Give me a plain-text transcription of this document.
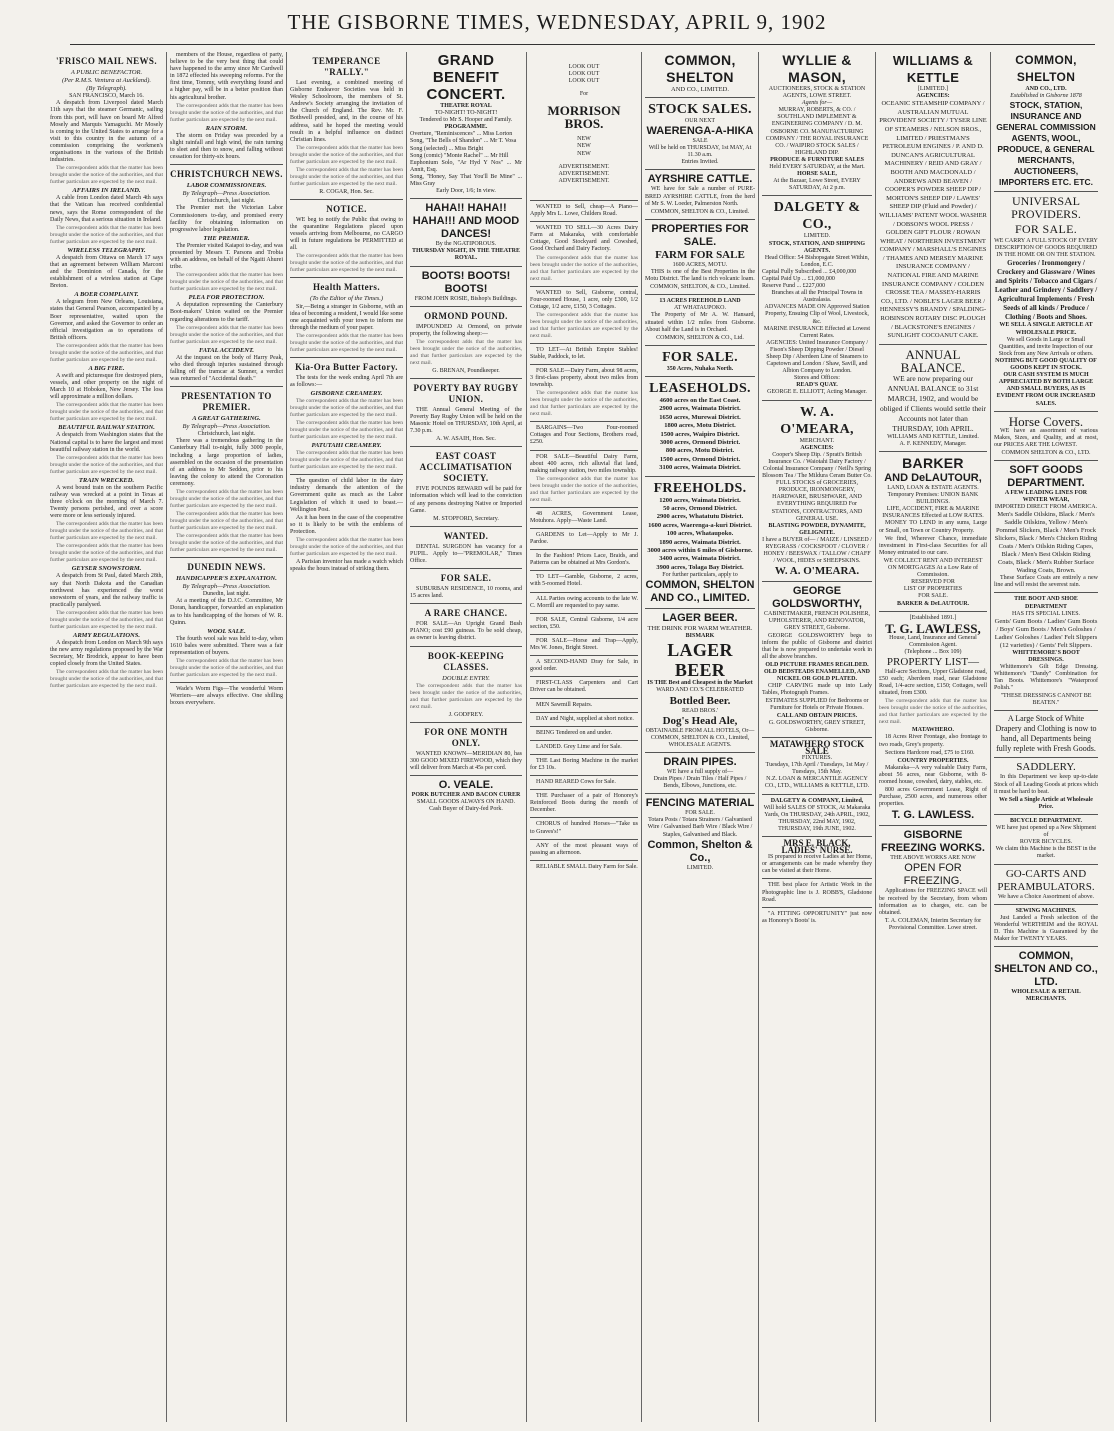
THE GISBORNE TIMES, WEDNESDAY, APRIL 9, 1902
'FRISCO MAIL NEWS.
A PUBLIC BENEFACTOR.
(Per R.M.S. Ventura at Auckland).
(By Telegraph).
SAN FRANCISCO, March 16.

A despatch from Liverpool dated March 11th says that the steamer Germanic, sailing from this port, will have on board Mr Alfred Mosely and Marquis Yamaguchi. Mr Mosely is coming to the United States to arrange for a visit to this country in the autumn of a commission comprising the workmen's organisations in the various of the British industries.

The correspondent adds that the matter has been brought under the notice of the authorities, and that further particulars are expected by the next mail.

AFFAIRS IN IRELAND.

A cable from London dated March 4th says that the Vatican has received confidential news, says the Rome correspondent of the Daily News, that a serious situation in Ireland.

The correspondent adds that the matter has been brought under the notice of the authorities, and that further particulars are expected by the next mail.

WIRELESS TELEGRAPHY.

A despatch from Ottawa on March 17 says that an agreement between William Marconi and the Dominion of Canada, for the establishment of a wireless station at Cape Breton.

A BOER COMPLAINT.

A telegram from New Orleans, Louisiana, states that General Pearson, accompanied by a Boer representative, waited upon the Governor, and asked the Governor to order an official investigation as to operations of British officers.

The correspondent adds that the matter has been brought under the notice of the authorities, and that further particulars are expected by the next mail.

A BIG FIRE.

A swift and picturesque fire destroyed piers, vessels, and other property on the night of March 10 at Hoboken, New Jersey. The loss will approximate a million dollars.

The correspondent adds that the matter has been brought under the notice of the authorities, and that further particulars are expected by the next mail.

BEAUTIFUL RAILWAY STATION.

A despatch from Washington states that the National capital is to have the largest and most beautiful railway station in the world.

The correspondent adds that the matter has been brought under the notice of the authorities, and that further particulars are expected by the next mail.

TRAIN WRECKED.

A west bound train on the southern Pacific railway was wrecked at a point in Texas at three o'clock on the morning of March 7. Twenty persons perished, and over a score were more or less seriously injured.

The correspondent adds that the matter has been brought under the notice of the authorities, and that further particulars are expected by the next mail.

The correspondent adds that the matter has been brought under the notice of the authorities, and that further particulars are expected by the next mail.

GEYSER SNOWSTORM.

A despatch from St Paul, dated March 28th, say that North Dakota and the Canadian northwest has experienced the worst snowstorm of years, and the railway traffic is practically paralysed.

The correspondent adds that the matter has been brought under the notice of the authorities, and that further particulars are expected by the next mail.

ARMY REGULATIONS.

A despatch from London on March 9th says the new army regulations proposed by the War Secretary, Mr Brodrick, appear to have been copied closely from the United States.

The correspondent adds that the matter has been brought under the notice of the authorities, and that further particulars are expected by the next mail.

members of the House, regardless of party, believe to be the very best thing that could have happened to the army since Mr Cardwell in 1872 effected his sweeping reforms. For the first time, Tommy, with everything found and a higher pay, will be in a better position than his agricultural brother.

The correspondent adds that the matter has been brought under the notice of the authorities, and that further particulars are expected by the next mail.

RAIN STORM.

The storm on Friday was preceded by a slight rainfall and high wind, the rain turning to sleet and then to snow, and falling without cessation for thirty-six hours.

CHRISTCHURCH NEWS.
LABOR COMMISSIONERS.
By Telegraph—Press Association.
Christchurch, last night.

The Premier met the Victorian Labor Commissioners to-day, and promised every facility for obtaining information on progressive labor legislation.

THE PREMIER.

The Premier visited Kaiapoi to-day, and was presented by Messrs T. Parsons and Trobia with an address, on behalf of the Ngaiti Ahurei tribe.

The correspondent adds that the matter has been brought under the notice of the authorities, and that further particulars are expected by the next mail.

PLEA FOR PROTECTION.

A deputation representing the Canterbury Boot-makers' Union waited on the Premier regarding alterations to the tariff.

The correspondent adds that the matter has been brought under the notice of the authorities, and that further particulars are expected by the next mail.

FATAL ACCIDENT.

At the inquest on the body of Harry Peak, who died through injuries sustained through falling off the tramcar at Sumner, a verdict was returned of "Accidental death."

PRESENTATION TO PREMIER.
A GREAT GATHERING.
By Telegraph—Press Association.
Christchurch, last night.

There was a tremendous gathering in the Canterbury Hall to-night, fully 3000 people, including a large proportion of ladies, assembled on the occasion of the presentation of an address to Mr Seddon, prior to his leaving the colony to attend the Coronation ceremony.

The correspondent adds that the matter has been brought under the notice of the authorities, and that further particulars are expected by the next mail.

The correspondent adds that the matter has been brought under the notice of the authorities, and that further particulars are expected by the next mail.

The correspondent adds that the matter has been brought under the notice of the authorities, and that further particulars are expected by the next mail.

DUNEDIN NEWS.
HANDICAPPER'S EXPLANATION.
By Telegraph—Press Association.
Dunedin, last night.

At a meeting of the D.J.C. Committee, Mr Doran, handicapper, forwarded an explanation as to his handicapping of the horses of W. R. Quinn.

WOOL SALE.

The fourth wool sale was held to-day, when 1610 bales were submitted. There was a fair representation of buyers.

The correspondent adds that the matter has been brought under the notice of the authorities, and that further particulars are expected by the next mail.

Wade's Worm Figs—The wonderful Worm Worriers—are always effective. One shilling boxes everywhere.

TEMPERANCE "RALLY."

Last evening, a combined meeting of Gisborne Endeavor Societies was held in Wesley Schoolroom, the members of St. Andrew's Society arranging the invitation of the Church of England. The Rev. Mr. F. Bothwell presided, and, in the course of his address, said he hoped the meeting would result in a helpful influence on distinct Christian lines.

The correspondent adds that the matter has been brought under the notice of the authorities, and that further particulars are expected by the next mail.

The correspondent adds that the matter has been brought under the notice of the authorities, and that further particulars are expected by the next mail.

R. COGAR, Hon. Sec.
NOTICE.

WE beg to notify the Public that owing to the quarantine Regulations placed upon vessels arriving from Melbourne, no CARGO will in future regulations be PERMITTED at all.

The correspondent adds that the matter has been brought under the notice of the authorities, and that further particulars are expected by the next mail.

Health Matters.
(To the Editor of the Times.)

Sir,—Being a stranger in Gisborne, with an idea of becoming a resident, I would like some one acquainted with your town to inform me through the medium of your paper.

The correspondent adds that the matter has been brought under the notice of the authorities, and that further particulars are expected by the next mail.

Kia-Ora Butter Factory.

The tests for the week ending April 7th are as follows:—

GISBORNE CREAMERY.

The correspondent adds that the matter has been brought under the notice of the authorities, and that further particulars are expected by the next mail.

The correspondent adds that the matter has been brought under the notice of the authorities, and that further particulars are expected by the next mail.

PATUTAHI CREAMERY.

The correspondent adds that the matter has been brought under the notice of the authorities, and that further particulars are expected by the next mail.

The question of child labor in the dairy industry demands the attention of the Government quite as much as the Labor Legislation of which it used to boast.—Wellington Post.

As it has been in the case of the cooperative so it is likely to be with the emblems of Protection.

The correspondent adds that the matter has been brought under the notice of the authorities, and that further particulars are expected by the next mail.

A Parisian inventor has made a watch which speaks the hours instead of striking them.

GRAND BENEFIT CONCERT.
THEATRE ROYAL
TO-NIGHT! TO-NIGHT!
Tendered to Mr S. Hooper and Family.
PROGRAMME.
Overture, "Reminiscences" ... Miss Lorton
Song, "The Bells of Shandon" ... Mr T. Vosa
Song (selected) ... Miss Bright
Song (comic) "Monte Rachel" ... Mr Hill
Euphonium Solo, "Ar Hyd Y Nos" ... Mr Annit, Esq.
Song, "Honey, Say That You'll Be Mine" ... Miss Gray
Early Door, 1/6; In view.
HAHA!! HAHA!! HAHA!!! AND MOOD DANCES!
By the NGATIPOROUS.
THURSDAY NIGHT, IN THE THEATRE ROYAL.
BOOTS! BOOTS! BOOTS!
FROM JOHN ROSIE, Bishop's Buildings.
ORMOND POUND.

IMPOUNDED At Ormond, on private property, the following sheep:—

The correspondent adds that the matter has been brought under the notice of the authorities, and that further particulars are expected by the next mail.

G. BRENAN, Poundkeeper.
POVERTY BAY RUGBY UNION.

THE Annual General Meeting of the Poverty Bay Rugby Union will be held on the Masonic Hotel on THURSDAY, 10th April, at 7.30 p.m.

A. W. ASAIH, Hon. Sec.
EAST COAST ACCLIMATISATION SOCIETY.

FIVE POUNDS REWARD will be paid for information which will lead to the conviction of any persons destroying Native or Imported Game.

M. STOPFORD, Secretary.
WANTED.

DENTAL SURGEON has vacancy for a PUPIL. Apply to—"PREMOLAR," Times Office.

FOR SALE.

SUBURBAN RESIDENCE, 10 rooms, and 15 acres land.

A RARE CHANCE.

FOR SALE—An Upright Grand Bush PIANO; cost £90 guineas. To be sold cheap, as owner is leaving district.

BOOK-KEEPING CLASSES.
DOUBLE ENTRY.

The correspondent adds that the matter has been brought under the notice of the authorities, and that further particulars are expected by the next mail.

J. GODFREY.
FOR ONE MONTH ONLY.

WANTED KNOWN—MERIDIAN 80, has 300 GOOD MIXED FIREWOOD, which they will deliver from March at 45s per cord.

O. VEALE.
PORK BUTCHER AND BACON CURER
SMALL GOODS ALWAYS ON HAND.
Cash Buyer of Dairy-fed Pork.
LOOK OUT
LOOK OUT
LOOK OUT
For
MORRISON BROS.
NEW
NEW
NEW
ADVERTISEMENT.
ADVERTISEMENT.
ADVERTISEMENT.

WANTED to Sell, cheap—A Piano—Apply Mrs L. Lowe, Childers Road.

WANTED TO SELL—30 Acres Dairy Farm at Makaraka, with comfortable Cottage, Good Stockyard and Cowshed, Good Orchard and Dairy Factory.

The correspondent adds that the matter has been brought under the notice of the authorities, and that further particulars are expected by the next mail.

WANTED to Sell, Gisborne, central, Four-roomed House, 1 acre, only £300, 1/2 Cottage, 1/2 acre, £150, 3 Cottages.

The correspondent adds that the matter has been brought under the notice of the authorities, and that further particulars are expected by the next mail.

TO LET—At British Empire Stables! Stable, Paddock, to let.

FOR SALE—Dairy Farm, about 98 acres, 3 first-class property, about two miles from township.

The correspondent adds that the matter has been brought under the notice of the authorities, and that further particulars are expected by the next mail.

BARGAINS—Two Four-roomed Cottages and Four Sections, Brothers road, £250.

FOR SALE—Beautiful Dairy Farm, about 400 acres, rich alluvial flat land, making railway station, two miles township.

The correspondent adds that the matter has been brought under the notice of the authorities, and that further particulars are expected by the next mail.

48 ACRES, Government Lease, Motuhora. Apply—Waste Land.

GARDENS to Let—Apply to Mr J. Pardoe.

In the Fashion! Prices Lace, Braids, and Patterns can be obtained at Mrs Gordon's.

TO LET—Gamble, Gisborne, 2 acres, with 5-roomed Hotel.

ALL Parties owing accounts to the late W. C. Morrill are requested to pay same.

FOR SALE, Central Gisborne, 1/4 acre section, £50.

FOR SALE—Horse and Trap—Apply, Mrs W. Jones, Bright Street.

A SECOND-HAND Dray for Sale, in good order.

FIRST-CLASS Carpenters and Cart Driver can be obtained.

MEN Sawmill Repairs.

DAY and Night, supplied at short notice.

BEING Tendered on and under.

LANDED. Grey Lime and for Sale.

THE Last Boring Machine in the market for £3 10s.

HAND REARED Cows for Sale.

THE Purchaser of a pair of Honorey's Reinforced Boots during the month of December.

CHORUS of hundred Horses—"Take us to Graves's!"

ANY of the most pleasant ways of passing an afternoon.

RELIABLE SMALL Dairy Farm for Sale.

COMMON, SHELTON
AND CO., LIMITED.
STOCK SALES.
OUR NEXT
WAERENGA-A-HIKA
SALE
Will be held on THURSDAY, 1st MAY, At 11.30 a.m.
Entries Invited.
AYRSHIRE CATTLE.

WE have for Sale a number of PURE-BRED AYRSHIRE CATTLE, from the herd of Mr S. W. Loeder, Palmerston North.

COMMON, SHELTON & CO., Limited.
PROPERTIES FOR SALE.
FARM FOR SALE
1600 ACRES, MOTU.

THIS is one of the Best Properties in the Motu District. The land is rich volcanic loam.

COMMON, SHELTON, & CO., Limited.
13 ACRES FREEHOLD LAND
AT WHATAUPOKO.

The Property of Mr A. W. Hansard, situated within 1/2 miles from Gisborne. About half the Land is in Orchard.

COMMON, SHELTON & CO., Ltd.
FOR SALE.
350 Acres, Nuhaka North.
LEASEHOLDS.
4600 acres on the East Coast.
2900 acres, Waimata District.
1650 acres, Murewai District.
1800 acres, Motu District.
1500 acres, Waipiro District.
3000 acres, Ormond District.
800 acres, Motu District.
1500 acres, Ormond District.
3100 acres, Waimata District.
FREEHOLDS.
1200 acres, Waimata District.
50 acres, Ormond District.
2900 acres, Whatatutu District.
1600 acres, Waerenga-a-kuri District.
100 acres, Whataupoko.
1890 acres, Waimata District.
3000 acres within 6 miles of Gisborne.
3400 acres, Waimata District.
3900 acres, Tolaga Bay District.
For further particulars, apply to
COMMON, SHELTON AND CO., LIMITED.
LAGER BEER.
THE DRINK FOR WARM WEATHER.
BISMARK
LAGER BEER
IS THE Best and Cheapest in the Market
WARD AND CO.'S CELEBRATED
Bottled Beer.
READ BROS.'
Dog's Head Ale,
OBTAINABLE FROM ALL HOTELS, Or—
COMMON, SHELTON & CO., Limited, WHOLESALE AGENTS.
DRAIN PIPES.
WE have a full supply of—
Drain Pipes / Drain Tiles / Half Pipes / Bends, Elbows, Junctions, etc.
FENCING MATERIAL
FOR SALE.
Totara Posts / Totara Strainers / Galvanised Wire / Galvanised Barb Wire / Black Wire / Staples, Galvanised and Black.
Common, Shelton & Co.,
LIMITED.
WYLLIE & MASON,
AUCTIONEERS, STOCK & STATION AGENTS, LOWE STREET.
Agents for—
MURRAY, ROBERTS, & CO. / SOUTHLAND IMPLEMENT & ENGINEERING COMPANY / D. M. OSBORNE CO. MANUFACTURING COMPANY / THE ROYAL INSURANCE CO. / WAIPIRO STOCK SALES / HIGHLAND DIP.
PRODUCE & FURNITURE SALES
Held EVERY SATURDAY, at the Mart.
HORSE SALE,
At the Bazaar, Lowe Street, EVERY SATURDAY, At 2 p.m.
DALGETY & CO.,
LIMITED.
STOCK, STATION, AND SHIPPING AGENTS.
Head Office: 54 Bishopsgate Street Within, London, E.C.
Capital Fully Subscribed ... £4,000,000
Capital Paid Up ... £1,000,000
Reserve Fund ... £227,000
Branches at all the Principal Towns in Australasia.
ADVANCES MADE ON Approved Station Property, Ensuing Clip of Wool, Livestock, &c.
MARINE INSURANCE Effected at Lowest Current Rates.
AGENCIES: United Insurance Company / Fison's Sheep Dipping Powder / Diesel Sheep Dip / Aberdeen Line of Steamers to Capetown and London / Shaw, Savill, and Albion Company to London.
Stores and Offices:
READ'S QUAY.
GEORGE E. ELLIOTT, Acting Manager.
W. A. O'MEARA,
MERCHANT.
AGENCIES:
Cooper's Sheep Dip. / Spratt's British Insurance Co. / Waiotahi Dairy Factory / Colonial Insurance Company / Neill's Spring Blossom Tea / The Mildura Ceram Butter Co.
FULL STOCKS of GROCERIES, PRODUCE, IRONMONGERY, HARDWARE, BRUSHWARE, AND EVERYTHING REQUIRED For STATIONS, CONTRACTORS, AND GENERAL USE.
BLASTING POWDER, DYNAMITE, GELIGNITE.
I have a BUYER of— / MAIZE / LINSEED / RYEGRASS / COCKSFOOT / CLOVER / HONEY / BEESWAX / TALLOW / CHAFF / WOOL, HIDES or SHEEPSKINS.
W. A. O'MEARA.
GEORGE GOLDSWORTHY,
CABINETMAKER, FRENCH POLISHER, UPHOLSTERER, AND RENOVATOR, GREY STREET, Gisborne.

GEORGE GOLDSWORTHY begs to inform the public of Gisborne and district that he is now prepared to undertake work in all the above branches.

OLD PICTURE FRAMES REGILDED.
OLD BEDSTEADS ENAMELLED, AND NICKEL OR GOLD PLATED.

CHIP CARVING made up into Lady Tables, Photograph Frames.

ESTIMATES SUPPLIED for Bedrooms or Furniture for Hotels or Private Houses.
CALL AND OBTAIN PRICES.
G. GOLDSWORTHY, GREY STREET, Gisborne.
MATAWHERO STOCK SALE
FIXTURES.
Tuesdays, 17th April / Tuesdays, 1st May / Tuesdays, 15th May.
N.Z. LOAN & MERCANTILE AGENCY CO., LTD., WILLIAMS & KETTLE, LTD.
DALGETY & COMPANY, Limited,
Will hold SALES OF STOCK, At Makaraka Yards, On THURSDAY, 24th APRIL, 1902, THURSDAY, 22nd MAY, 1902, THURSDAY, 19th JUNE, 1902.
MRS E. BLACK,
LADIES' NURSE.

IS prepared to receive Ladies at her Home, or arrangements can be made whereby they can be visited at their Home.

THE best place for Artistic Work in the Photographic line is J. ROBB'S, Gladstone Road.

"A FITTING OPPORTUNITY" just now as Honorey's Boots' is.

WILLIAMS & KETTLE
[LIMITED.]
AGENCIES:
OCEANIC STEAMSHIP COMPANY / AUSTRALIAN MUTUAL PROVIDENT SOCIETY / TYSER LINE OF STEAMERS / NELSON BROS., LIMITED / PRIESTMAN'S PETROLEUM ENGINES / P. AND D. DUNCAN'S AGRICULTURAL MACHINERY / REID AND GRAY / BOOTH AND MACDONALD / ANDREWS AND BEAVEN / COOPER'S POWDER SHEEP DIP / MORTON'S SHEEP DIP / LAWES' SHEEP DIP (Fluid and Powder) / WILLIAMS' PATENT WOOL WASHER / DOBSON'S WOOL PRESS / GOLDEN GIFT FLOUR / ROWAN WHEAT / NORTHERN INVESTMENT COMPANY / MARSHALL'S ENGINES / THAMES AND MERSEY MARINE INSURANCE COMPANY / NATIONAL FIRE AND MARINE INSURANCE COMPANY / COLDEN CROSSE TEA / MASSEY-HARRIS CO., LTD. / NOBLE'S LAGER BEER / HENNESSY'S BRANDY / SPALDING-ROBINSON ROTARY DISC PLOUGH / BLACKSTONE'S ENGINES / SUNLIGHT COCOANUT CAKE.
ANNUAL BALANCE.
WE are now preparing our ANNUAL BALANCE to 31st MARCH, 1902, and would be obliged if Clients would settle their Accounts not later than THURSDAY, 10th APRIL.
WILLIAMS AND KETTLE, Limited.
A. F. KENNEDY, Manager.
BARKER
AND DeLAUTOUR,
LAND, LOAN & ESTATE AGENTS.
Temporary Premises: UNION BANK BUILDINGS.
LIFE, ACCIDENT, FIRE & MARINE INSURANCES Effected at LOW RATES.

MONEY TO LEND in any sums, Large or Small, on Town or Country Property.

We find, Wherever Chance, immediate investment in First-class Securities for all Money entrusted to our care.

WE COLLECT RENT AND INTEREST ON MORTGAGES At a Low Rate of Commission.
RESERVED FOR
LIST OF PROPERTIES
FOR SALE.
BARKER & DeLAUTOUR.
[Established 1891.]
T. G. LAWLESS,
House, Land, Insurance and General Commission Agent.
(Telephone ... Box 109)
PROPERTY LIST—

Half-acre Sections, Upper Gladstone road, £50 each; Aberdeen road, near Gladstone Road, 1/4-acre section, £150; Cottages, well situated, from £300.

The correspondent adds that the matter has been brought under the notice of the authorities, and that further particulars are expected by the next mail.

MATAWHERO.

18 Acres River Frontage, also frontage to two roads, Grey's property.

Sections Hardcore road, £75 to £160.

COUNTRY PROPERTIES.

Makaraka—A very valuable Dairy Farm, about 56 acres, near Gisborne, with 8-roomed house, cowshed, dairy, stables, etc.

800 acres Government Lease, Right of Purchase, 2500 acres, and numerous other properties.

T. G. LAWLESS.
GISBORNE FREEZING WORKS.
THE ABOVE WORKS ARE NOW
OPEN FOR FREEZING.

Applications for FREEZING SPACE will be received by the Secretary, from whom information as to charges, etc. can be obtained.

T. A. COLEMAN, Interim Secretary for Provisional Committee. Lowe street.
COMMON, SHELTON
AND CO., LTD.
Established in Gisborne 1878
STOCK, STATION, INSURANCE AND GENERAL COMMISSION AGENTS, WOOL, PRODUCE, & GENERAL MERCHANTS, AUCTIONEERS, IMPORTERS ETC. ETC.
UNIVERSAL PROVIDERS.
FOR SALE.
WE CARRY A FULL STOCK OF EVERY DESCRIPTION OF GOODS REQUIRED IN THE HOME OR ON THE STATION.
Groceries / Ironmongery / Crockery and Glassware / Wines and Spirits / Tobacco and Cigars / Leather and Grindery / Saddlery / Agricultural Implements / Fresh Seeds of all kinds / Produce / Clothing / Boots and Shoes.
WE SELL A SINGLE ARTICLE AT WHOLESALE PRICE.
We sell Goods in Large or Small Quantities, and invite Inspection of our Stock from any New Arrivals or others.
NOTHING BUT GOOD QUALITY OF GOODS KEPT IN STOCK.
OUR CASH SYSTEM IS MUCH APPRECIATED BY BOTH LARGE AND SMALL BUYERS, AS IS EVIDENT FROM OUR INCREASED SALES.
Horse Covers.

WE have an assortment of various Makes, Sizes, and Quality, and at most, our PRICES ARE THE LOWEST.

COMMON SHELTON & CO., LTD.
SOFT GOODS DEPARTMENT.
A FEW LEADING LINES FOR WINTER WEAR,
IMPORTED DIRECT FROM AMERICA.
Men's Saddle Oilskins, Black / Men's Saddle Oilskins, Yellow / Men's Pommel Slickers, Black / Men's Frock Slickers, Black / Men's Chicken Riding Coats / Men's Oilskin Riding Capes, Black / Men's Best Oilskin Riding Coats, Black / Men's Rubber Surface Wading Coats, Brown.

These Surface Coats are entirely a new line and will resist the severest rain.

THE BOOT AND SHOE DEPARTMENT
HAS ITS SPECIAL LINES.
Gents' Gum Boots / Ladies' Gum Boots / Boys' Gum Boots / Men's Goloshes / Ladies' Goloshes / Ladies' Felt Slippers (12 varieties) / Gents' Felt Slippers.
WHITTEMORE'S BOOT DRESSINGS.

Whittemore's Gilt Edge Dressing. Whittemore's "Dandy" Combination for Tan Boots. Whittemore's "Waterproof Polish."

"THESE DRESSINGS CANNOT BE BEATEN."
A Large Stock of White Drapery and Clothing is now to hand, all Departments being fully replete with Fresh Goods.
SADDLERY.

In this Department we keep up-to-date Stock of all Leading Goods at prices which it must be hard to beat.

We Sell a Single Article at Wholesale Price.
BICYCLE DEPARTMENT.
WE have just opened up a New Shipment of
ROVER BICYCLES.
We claim this Machine is the BEST in the market.
GO-CARTS AND PERAMBULATORS.
We have a Choice Assortment of above.
SEWING MACHINES.

Just Landed a Fresh selection of the Wonderful WERTHEIM and the ROYAL D. This Machine is Guaranteed by the Maker for TWENTY YEARS.

COMMON, SHELTON AND CO., LTD.
WHOLESALE & RETAIL MERCHANTS.
